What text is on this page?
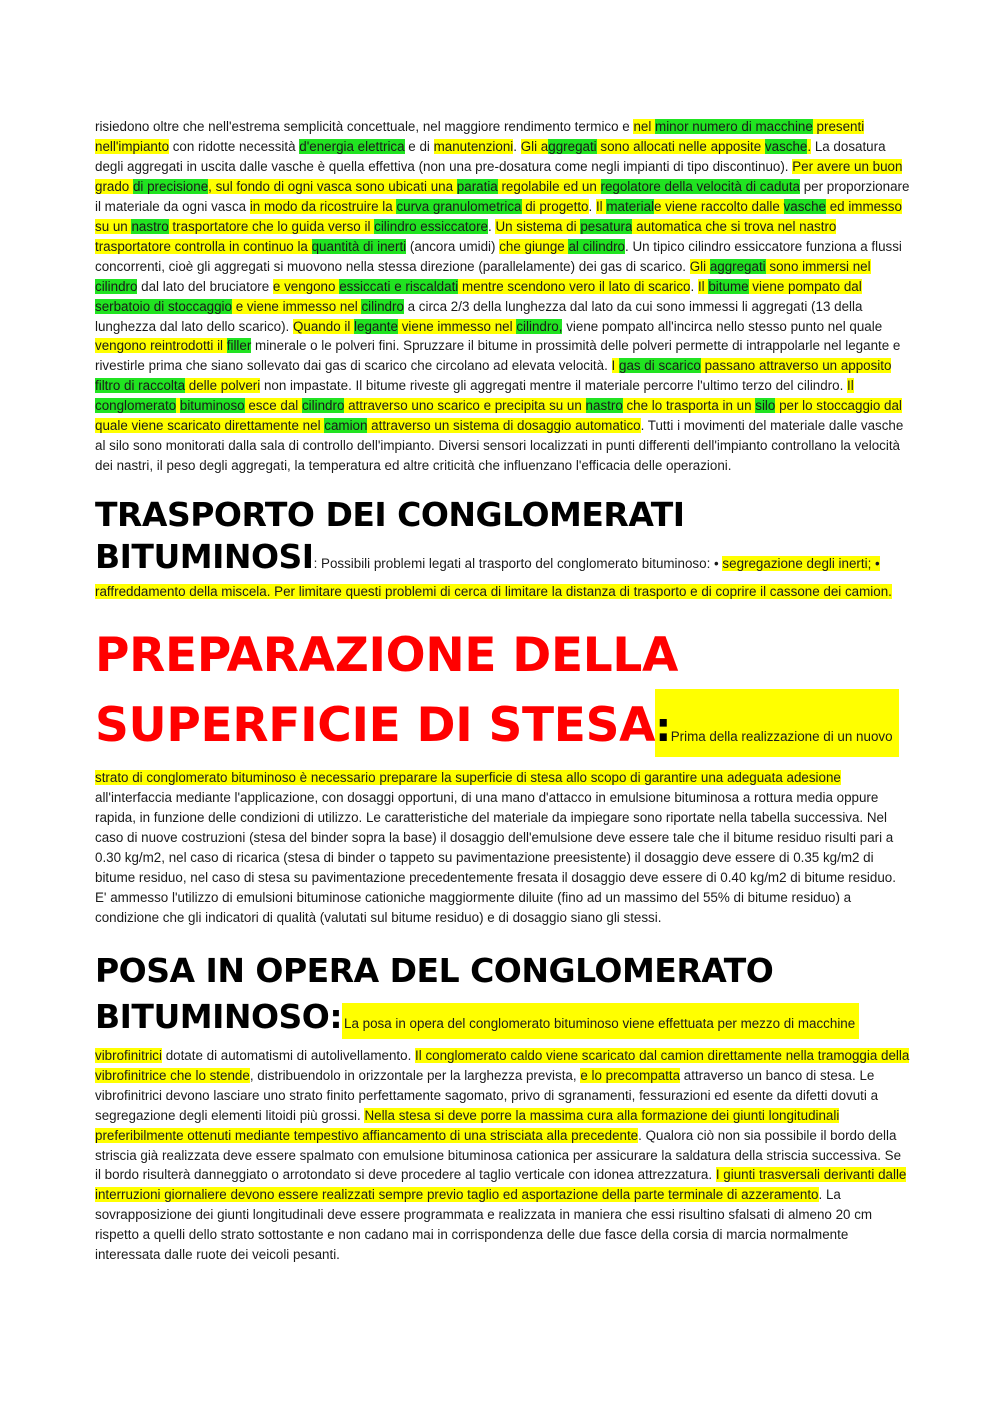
risiedono oltre che nell'estrema semplicità concettuale, nel maggiore rendimento termico e nel minor numero di macchine presenti nell'impianto con ridotte necessità d'energia elettrica e di manutenzioni. Gli aggregati sono allocati nelle apposite vasche. La dosatura degli aggregati in uscita dalle vasche è quella effettiva (non una pre-dosatura come negli impianti di tipo discontinuo). Per avere un buon grado di precisione, sul fondo di ogni vasca sono ubicati una paratia regolabile ed un regolatore della velocità di caduta per proporzionare il materiale da ogni vasca in modo da ricostruire la curva granulometrica di progetto. Il materiale viene raccolto dalle vasche ed immesso su un nastro trasportatore che lo guida verso il cilindro essiccatore. Un sistema di pesatura automatica che si trova nel nastro trasportatore controlla in continuo la quantità di inerti (ancora umidi) che giunge al cilindro. Un tipico cilindro essiccatore funziona a flussi concorrenti, cioè gli aggregati si muovono nella stessa direzione (parallelamente) dei gas di scarico. Gli aggregati sono immersi nel cilindro dal lato del bruciatore e vengono essiccati e riscaldati mentre scendono vero il lato di scarico. Il bitume viene pompato dal serbatoio di stoccaggio e viene immesso nel cilindro a circa 2/3 della lunghezza dal lato da cui sono immessi li aggregati (13 della lunghezza dal lato dello scarico). Quando il legante viene immesso nel cilindro, viene pompato all'incirca nello stesso punto nel quale vengono reintrodotti il filler minerale o le polveri fini. Spruzzare il bitume in prossimità delle polveri permette di intrappolarle nel legante e rivestirle prima che siano sollevato dai gas di scarico che circolano ad elevata velocità. I gas di scarico passano attraverso un apposito filtro di raccolta delle polveri non impastate. Il bitume riveste gli aggregati mentre il materiale percorre l'ultimo terzo del cilindro. Il conglomerato bituminoso esce dal cilindro attraverso uno scarico e precipita su un nastro che lo trasporta in un silo per lo stoccaggio dal quale viene scaricato direttamente nel camion attraverso un sistema di dosaggio automatico. Tutti i movimenti del materiale dalle vasche al silo sono monitorati dalla sala di controllo dell'impianto. Diversi sensori localizzati in punti differenti dell'impianto controllano la velocità dei nastri, il peso degli aggregati, la temperatura ed altre criticità che influenzano l'efficacia delle operazioni.

TRASPORTO DEI CONGLOMERATI

BITUMINOSI: Possibili problemi legati al trasporto del conglomerato bituminoso: • segregazione degli inerti; • raffreddamento della miscela. Per limitare questi problemi di cerca di limitare la distanza di trasporto e di coprire il cassone dei camion.

PREPARAZIONE DELLA
SUPERFICIE DI STESA:Prima della realizzazione di un nuovo

strato di conglomerato bituminoso è necessario preparare la superficie di stesa allo scopo di garantire una adeguata adesione all'interfaccia mediante l'applicazione, con dosaggi opportuni, di una mano d'attacco in emulsione bituminosa a rottura media oppure rapida, in funzione delle condizioni di utilizzo. Le caratteristiche del materiale da impiegare sono riportate nella tabella successiva. Nel caso di nuove costruzioni (stesa del binder sopra la base) il dosaggio dell'emulsione deve essere tale che il bitume residuo risulti pari a 0.30 kg/m2, nel caso di ricarica (stesa di binder o tappeto su pavimentazione preesistente) il dosaggio deve essere di 0.35 kg/m2 di bitume residuo, nel caso di stesa su pavimentazione precedentemente fresata il dosaggio deve essere di 0.40 kg/m2 di bitume residuo. E' ammesso l'utilizzo di emulsioni bituminose cationiche maggiormente diluite (fino ad un massimo del 55% di bitume residuo) a condizione che gli indicatori di qualità (valutati sul bitume residuo) e di dosaggio siano gli stessi.

POSA IN OPERA DEL CONGLOMERATO
BITUMINOSO: La posa in opera del conglomerato bituminoso viene effettuata per mezzo di macchine

vibrofinitrici dotate di automatismi di autolivellamento. Il conglomerato caldo viene scaricato dal camion direttamente nella tramoggia della vibrofinitrice che lo stende, distribuendolo in orizzontale per la larghezza prevista, e lo precompatta attraverso un banco di stesa. Le vibrofinitrici devono lasciare uno strato finito perfettamente sagomato, privo di sgranamenti, fessurazioni ed esente da difetti dovuti a segregazione degli elementi litoidi più grossi. Nella stesa si deve porre la massima cura alla formazione dei giunti longitudinali preferibilmente ottenuti mediante tempestivo affiancamento di una strisciata alla precedente. Qualora ciò non sia possibile il bordo della striscia già realizzata deve essere spalmato con emulsione bituminosa cationica per assicurare la saldatura della striscia successiva. Se il bordo risulterà danneggiato o arrotondato si deve procedere al taglio verticale con idonea attrezzatura. I giunti trasversali derivanti dalle interruzioni giornaliere devono essere realizzati sempre previo taglio ed asportazione della parte terminale di azzeramento. La sovrapposizione dei giunti longitudinali deve essere programmata e realizzata in maniera che essi risultino sfalsati di almeno 20 cm rispetto a quelli dello strato sottostante e non cadano mai in corrispondenza delle due fasce della corsia di marcia normalmente interessata dalle ruote dei veicoli pesanti.
